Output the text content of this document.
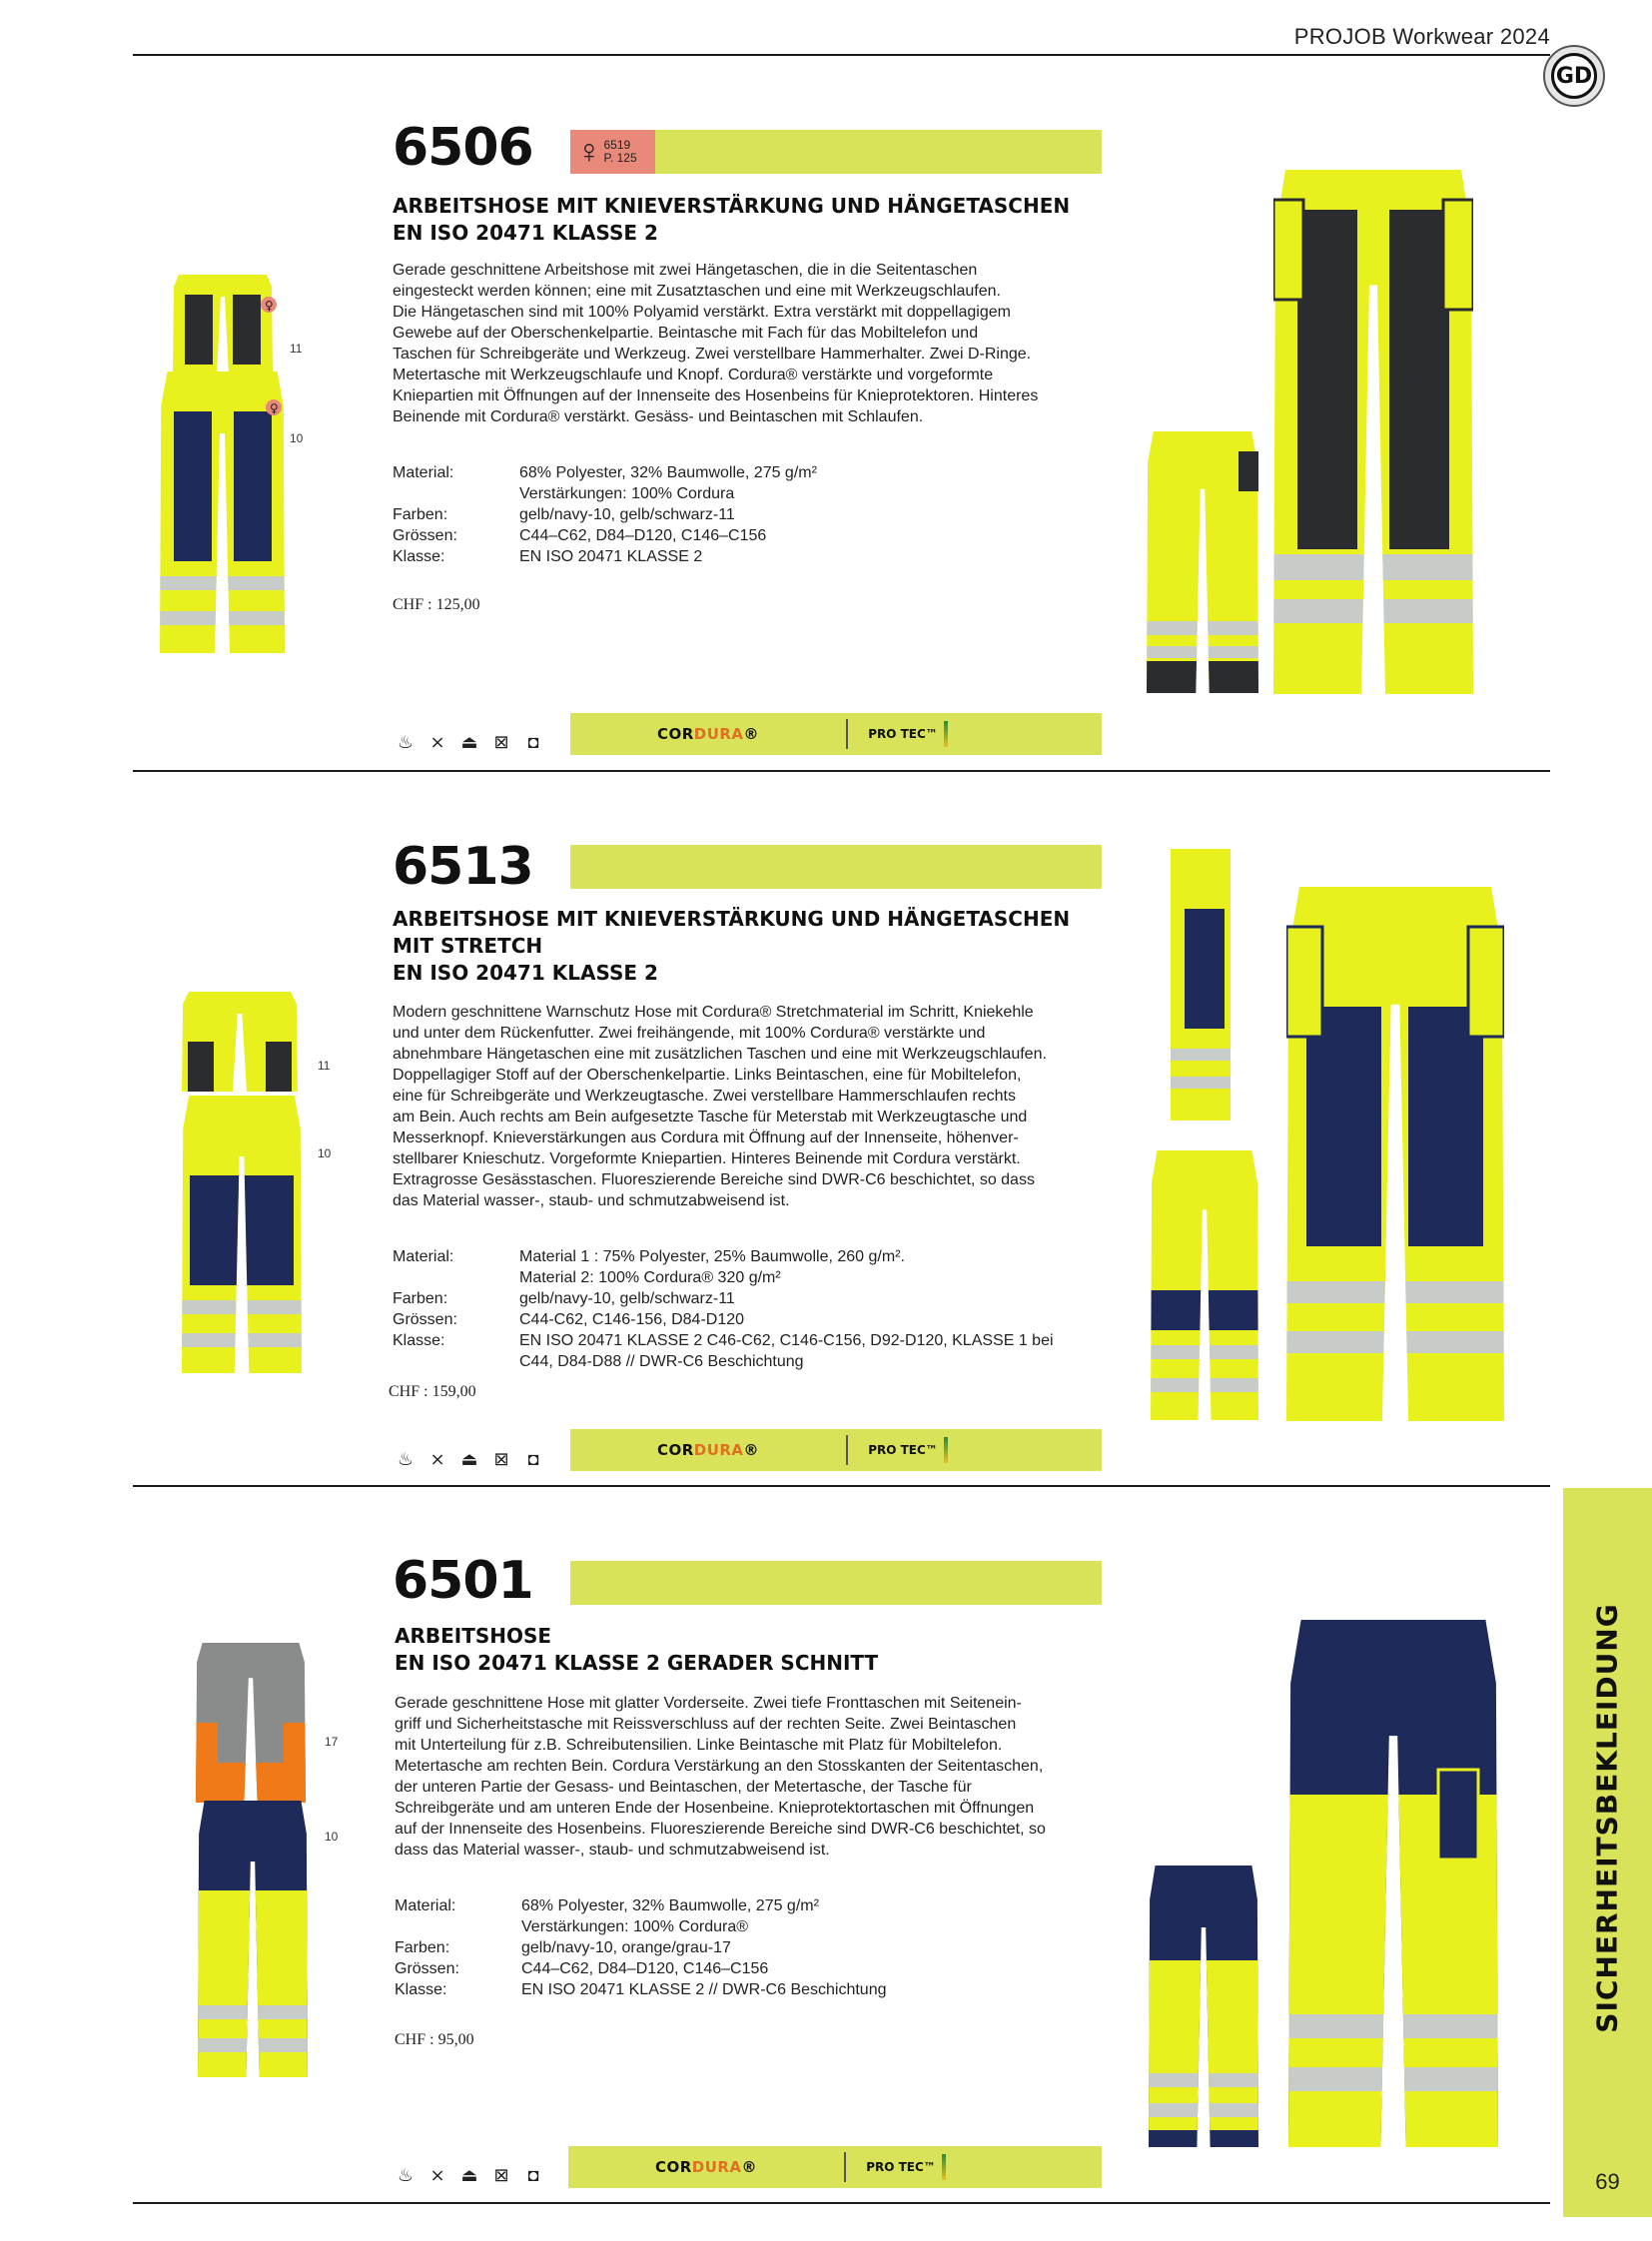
PROJOB Workwear 2024
GD
6506 ♀ 6519
P. 125
ARBEITSHOSE MIT KNIEVERSTÄRKUNG UND HÄNGETASCHEN
EN ISO 20471 KLASSE 2
Gerade geschnittene Arbeitshose mit zwei Hängetaschen, die in die Seitentaschen
eingesteckt werden können; eine mit Zusatztaschen und eine mit Werkzeugschlaufen.
Die Hängetaschen sind mit 100% Polyamid verstärkt. Extra verstärkt mit doppellagigem
Gewebe auf der Oberschenkelpartie. Beintasche mit Fach für das Mobiltelefon und
Taschen für Schreibgeräte und Werkzeug. Zwei verstellbare Hammerhalter. Zwei D-Ringe.
Metertasche mit Werkzeugschlaufe und Knopf. Cordura® verstärkte und vorgeformte
Kniepartien mit Öffnungen auf der Innenseite des Hosenbeins für Knieprotektoren. Hinteres
Beinende mit Cordura® verstärkt. Gesäss- und Beintaschen mit Schlaufen.
Material:	68% Polyester, 32% Baumwolle, 275 g/m²
Verstärkungen: 100% Cordura
Farben:	gelb/navy-10, gelb/schwarz-11
Grössen:	C44–C62, D84–D120, C146–C156
Klasse:	EN ISO 20471 KLASSE 2
CHF : 125,00
♀
11
♀
10
♨ ⨯ ⏏ ⊠	◘	CORDURA®	PRO TEC™
6513
ARBEITSHOSE MIT KNIEVERSTÄRKUNG UND HÄNGETASCHEN
MIT STRETCH
EN ISO 20471 KLASSE 2
Modern geschnittene Warnschutz Hose mit Cordura® Stretchmaterial im Schritt, Kniekehle
und unter dem Rückenfutter. Zwei freihängende, mit 100% Cordura® verstärkte und
abnehmbare Hängetaschen eine mit zusätzlichen Taschen und eine mit Werkzeugschlaufen.
Doppellagiger Stoff auf der Oberschenkelpartie. Links Beintaschen, eine für Mobiltelefon,
eine für Schreibgeräte und Werkzeugtasche. Zwei verstellbare Hammerschlaufen rechts
am Bein. Auch rechts am Bein aufgesetzte Tasche für Meterstab mit Werkzeugtasche und
Messerknopf. Knieverstärkungen aus Cordura mit Öffnung auf der Innenseite, höhenver-
stellbarer Knieschutz. Vorgeformte Kniepartien. Hinteres Beinende mit Cordura verstärkt.
Extragrosse Gesässtaschen. Fluoreszierende Bereiche sind DWR-C6 beschichtet, so dass
das Material wasser-, staub- und schmutzabweisend ist.
Material:	Material 1 : 75% Polyester, 25% Baumwolle, 260 g/m².
Material 2: 100% Cordura® 320 g/m²
Farben:	gelb/navy-10, gelb/schwarz-11
Grössen:	C44-C62, C146-156, D84-D120
Klasse:	EN ISO 20471 KLASSE 2 C46-C62, C146-C156, D92-D120, KLASSE 1 bei
C44, D84-D88 // DWR-C6 Beschichtung
CHF : 159,00
11
10
♨ ⨯ ⏏ ⊠	◘	CORDURA®	PRO TEC™
SICHERHEITSBEKLEIDUNG
69
6501
ARBEITSHOSE
EN ISO 20471 KLASSE 2 GERADER SCHNITT
Gerade geschnittene Hose mit glatter Vorderseite. Zwei tiefe Fronttaschen mit Seitenein-
griff und Sicherheitstasche mit Reissverschluss auf der rechten Seite. Zwei Beintaschen
mit Unterteilung für z.B. Schreibutensilien. Linke Beintasche mit Platz für Mobiltelefon.
Metertasche am rechten Bein. Cordura Verstärkung an den Stosskanten der Seitentaschen,
der unteren Partie der Gesass- und Beintaschen, der Metertasche, der Tasche für
Schreibgeräte und am unteren Ende der Hosenbeine. Knieprotektortaschen mit Öffnungen
auf der Innenseite des Hosenbeins. Fluoreszierende Bereiche sind DWR-C6 beschichtet, so
dass das Material wasser-, staub- und schmutzabweisend ist.
Material:	68% Polyester, 32% Baumwolle, 275 g/m²
Verstärkungen: 100% Cordura®
Farben:	gelb/navy-10, orange/grau-17
Grössen:	C44–C62, D84–D120, C146–C156
Klasse:	EN ISO 20471 KLASSE 2 // DWR-C6 Beschichtung
CHF : 95,00
17
10
♨ ⨯ ⏏ ⊠	◘	CORDURA®	PRO TEC™
